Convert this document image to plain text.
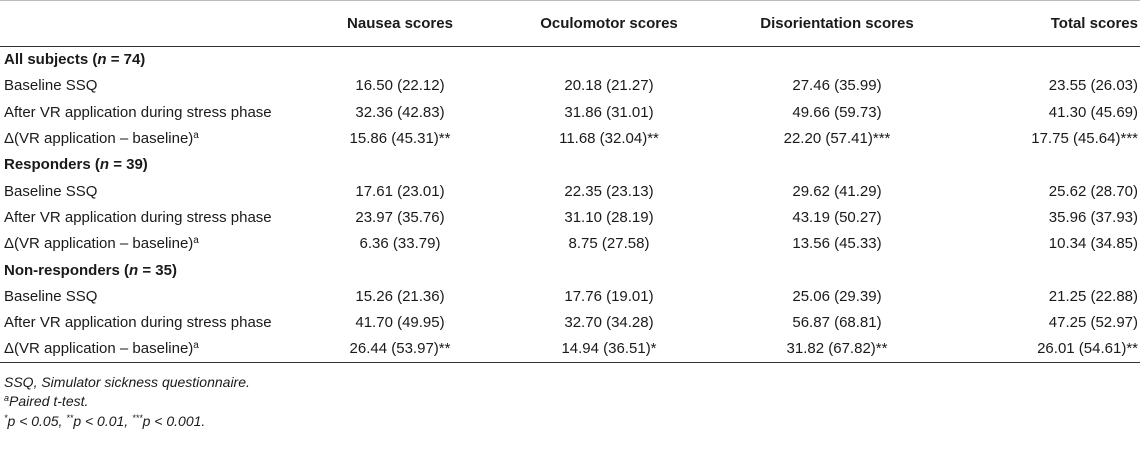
	Nausea scores	Oculomotor scores	Disorientation scores	Total scores
All subjects (n = 74)				
Baseline SSQ	16.50 (22.12)	20.18 (21.27)	27.46 (35.99)	23.55 (26.03)
After VR application during stress phase	32.36 (42.83)	31.86 (31.01)	49.66 (59.73)	41.30 (45.69)
Δ(VR application – baseline)$^a$	15.86 (45.31)**	11.68 (32.04)**	22.20 (57.41)***	17.75 (45.64)***
Responders (n = 39)				
Baseline SSQ	17.61 (23.01)	22.35 (23.13)	29.62 (41.29)	25.62 (28.70)
After VR application during stress phase	23.97 (35.76)	31.10 (28.19)	43.19 (50.27)	35.96 (37.93)
Δ(VR application – baseline)$^a$	6.36 (33.79)	8.75 (27.58)	13.56 (45.33)	10.34 (34.85)
Non-responders (n = 35)				
Baseline SSQ	15.26 (21.36)	17.76 (19.01)	25.06 (29.39)	21.25 (22.88)
After VR application during stress phase	41.70 (49.95)	32.70 (34.28)	56.87 (68.81)	47.25 (52.97)
Δ(VR application – baseline)$^a$	26.44 (53.97)**	14.94 (36.51)*	31.82 (67.82)**	26.01 (54.61)**
SSQ, Simulator sickness questionnaire.
$^a$Paired t-test.
*p < 0.05, **p < 0.01, ***p < 0.001.
